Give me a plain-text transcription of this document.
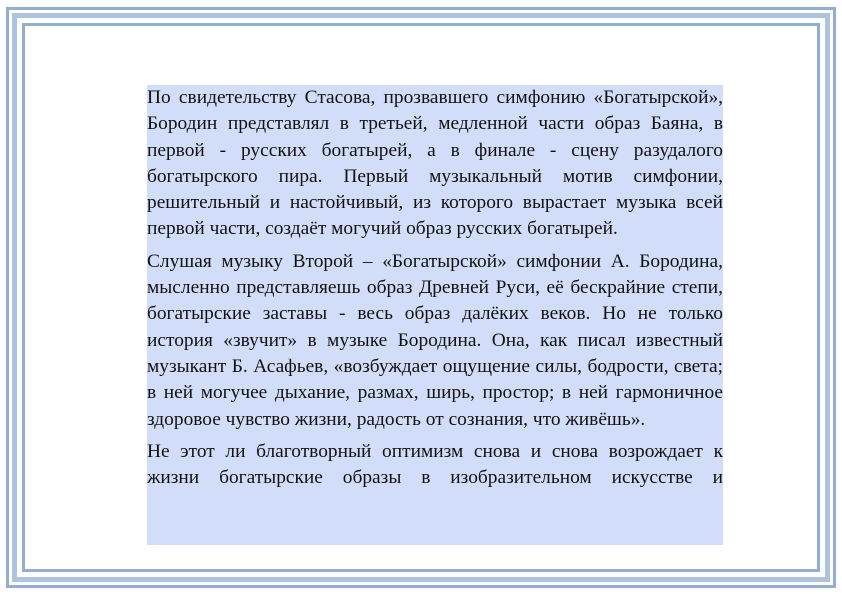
По свидетельству Стасова, прозвавшего симфонию «Богатырской», Бородин представлял в третьей, медленной части образ Баяна, в первой - русских богатырей, а в финале - сцену разудалого богатырского пира. Первый музыкальный мотив симфонии, решительный и настойчивый, из которого вырастает музыка всей первой части, создаёт могучий образ русских богатырей.

Слушая музыку Второй – «Богатырской» симфонии А. Бородина, мысленно представляешь образ Древней Руси, её бескрайние степи, богатырские заставы - весь образ далёких веков. Но не только история «звучит» в музыке Бородина. Она, как писал известный музыкант Б. Асафьев, «возбуждает ощущение силы, бодрости, света; в ней могучее дыхание, размах, ширь, простор; в ней гармоничное здоровое чувство жизни, радость от сознания, что живёшь».

Не этот ли благотворный оптимизм снова и снова возрождает к жизни богатырские образы в изобразительном искусстве и
